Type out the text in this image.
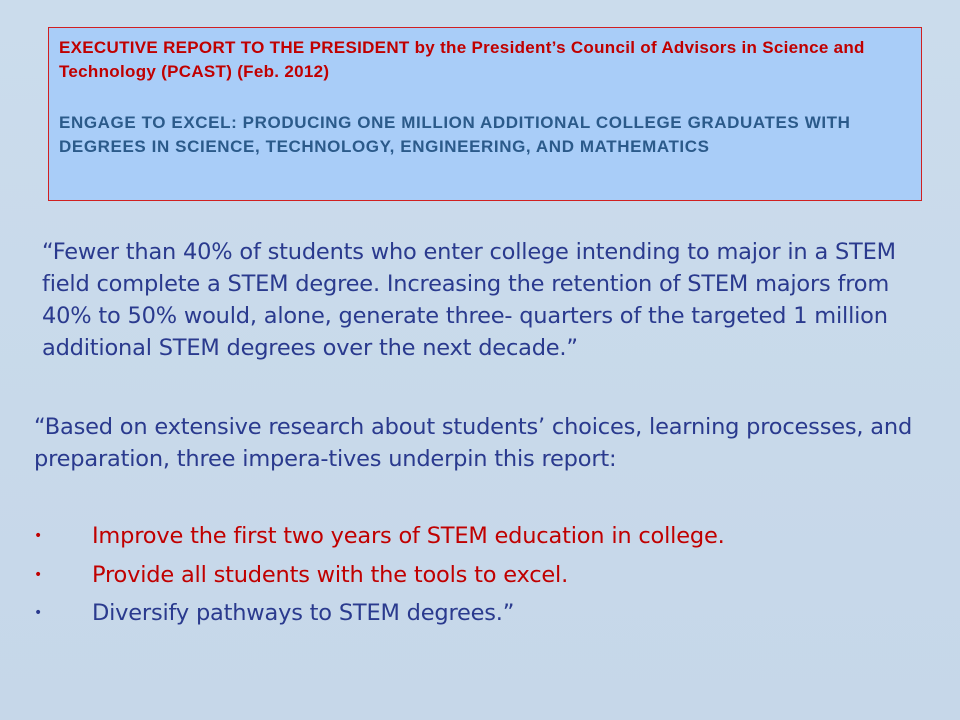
EXECUTIVE REPORT TO THE PRESIDENT by the President’s Council of Advisors in Science and Technology (PCAST) (Feb. 2012)

ENGAGE TO EXCEL: PRODUCING ONE MILLION ADDITIONAL COLLEGE GRADUATES WITH DEGREES IN SCIENCE, TECHNOLOGY, ENGINEERING, AND MATHEMATICS

“Fewer than 40% of students who enter college intending to major in a STEM field complete a STEM degree. Increasing the retention of STEM majors from 40% to 50% would, alone, generate three- quarters of the targeted 1 million additional STEM degrees over the next decade.”

“Based on extensive research about students’ choices, learning processes, and preparation, three impera-tives underpin this report:

• Improve the first two years of STEM education in college.
• Provide all students with the tools to excel.
• Diversify pathways to STEM degrees.”
